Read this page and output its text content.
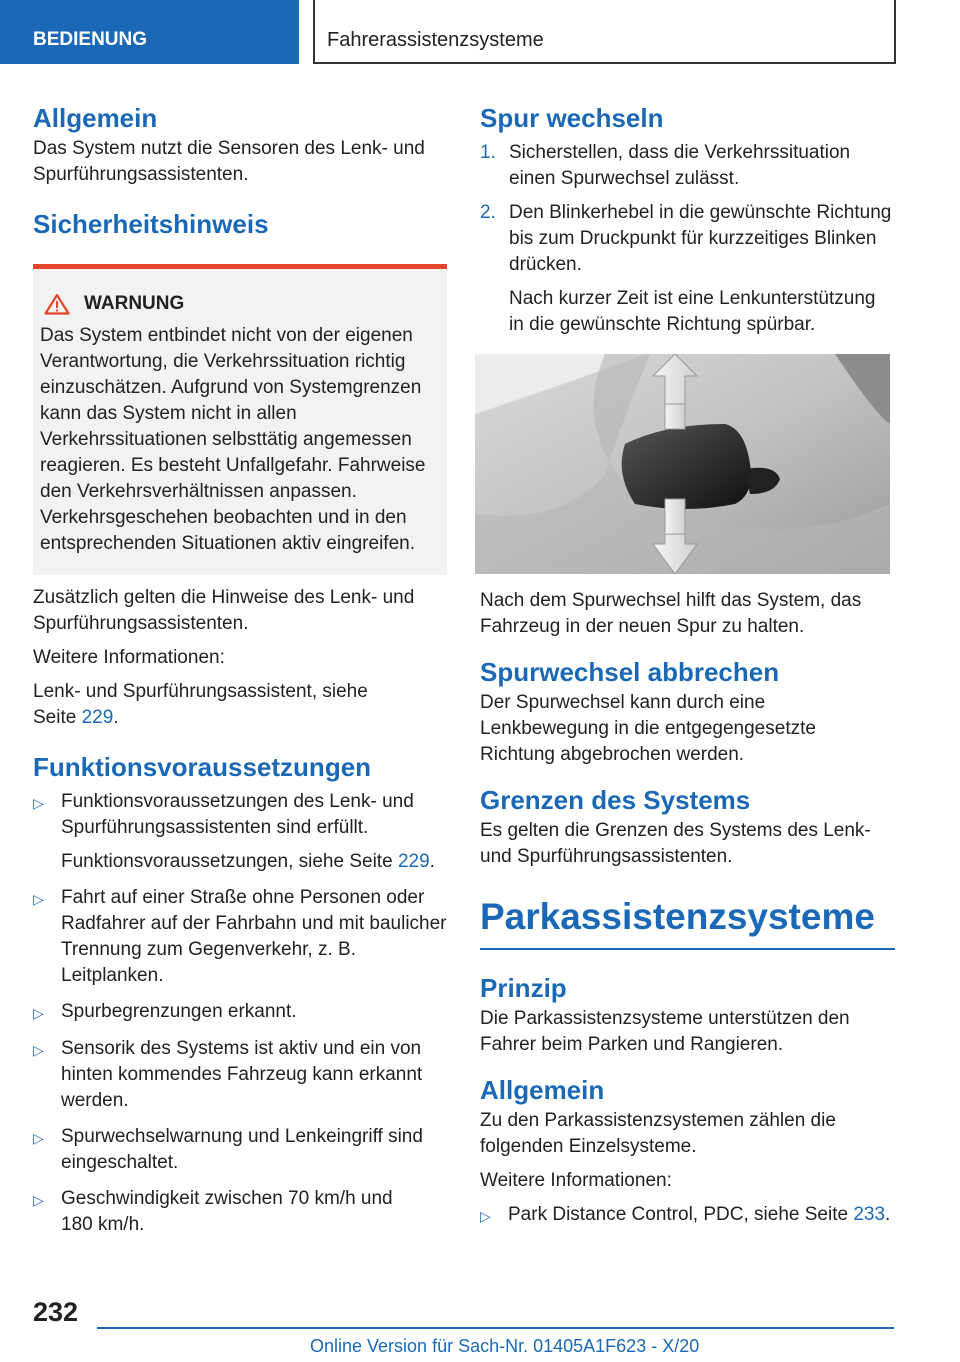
BEDIENUNG	Fahrerassistenzsysteme
Allgemein

Das System nutzt die Sensoren des Lenk- und Spurführungsassistenten.

Sicherheitshinweis
WARNUNG

Das System entbindet nicht von der eigenen Verantwortung, die Verkehrssituation richtig einzuschätzen. Aufgrund von Systemgrenzen kann das System nicht in allen Verkehrssituationen selbsttätig angemessen reagieren. Es besteht Unfallgefahr. Fahrweise den Verkehrsverhältnissen anpassen. Verkehrsgeschehen beobachten und in den entsprechenden Situationen aktiv eingreifen.

Zusätzlich gelten die Hinweise des Lenk- und Spurführungsassistenten.

Weitere Informationen:

Lenk- und Spurführungsassistent, siehe Seite 229.

Funktionsvoraussetzungen
▷ Funktionsvoraussetzungen des Lenk- und Spurführungsassistenten sind erfüllt.

Funktionsvoraussetzungen, siehe Seite 229.

▷ Fahrt auf einer Straße ohne Personen oder Radfahrer auf der Fahrbahn und mit baulicher Trennung zum Gegenverkehr, z. B. Leitplanken.
▷ Spurbegrenzungen erkannt.
▷ Sensorik des Systems ist aktiv und ein von hinten kommendes Fahrzeug kann erkannt werden.
▷ Spurwechselwarnung und Lenkeingriff sind eingeschaltet.
▷ Geschwindigkeit zwischen 70 km/h und 180 km/h.
Spur wechseln
1. Sicherstellen, dass die Verkehrssituation einen Spurwechsel zulässt.
2. Den Blinkerhebel in die gewünschte Richtung bis zum Druckpunkt für kurzzeitiges Blinken drücken.

Nach kurzer Zeit ist eine Lenkunterstützung in die gewünschte Richtung spürbar.

Nach dem Spurwechsel hilft das System, das Fahrzeug in der neuen Spur zu halten.

Spurwechsel abbrechen

Der Spurwechsel kann durch eine Lenkbewegung in die entgegengesetzte Richtung abgebrochen werden.

Grenzen des Systems

Es gelten die Grenzen des Systems des Lenk- und Spurführungsassistenten.

Parkassistenzsysteme
Prinzip

Die Parkassistenzsysteme unterstützen den Fahrer beim Parken und Rangieren.

Allgemein

Zu den Parkassistenzsystemen zählen die folgenden Einzelsysteme.

Weitere Informationen:

▷ Park Distance Control, PDC, siehe Seite 233.
232
Online Version für Sach-Nr. 01405A1F623 - X/20
